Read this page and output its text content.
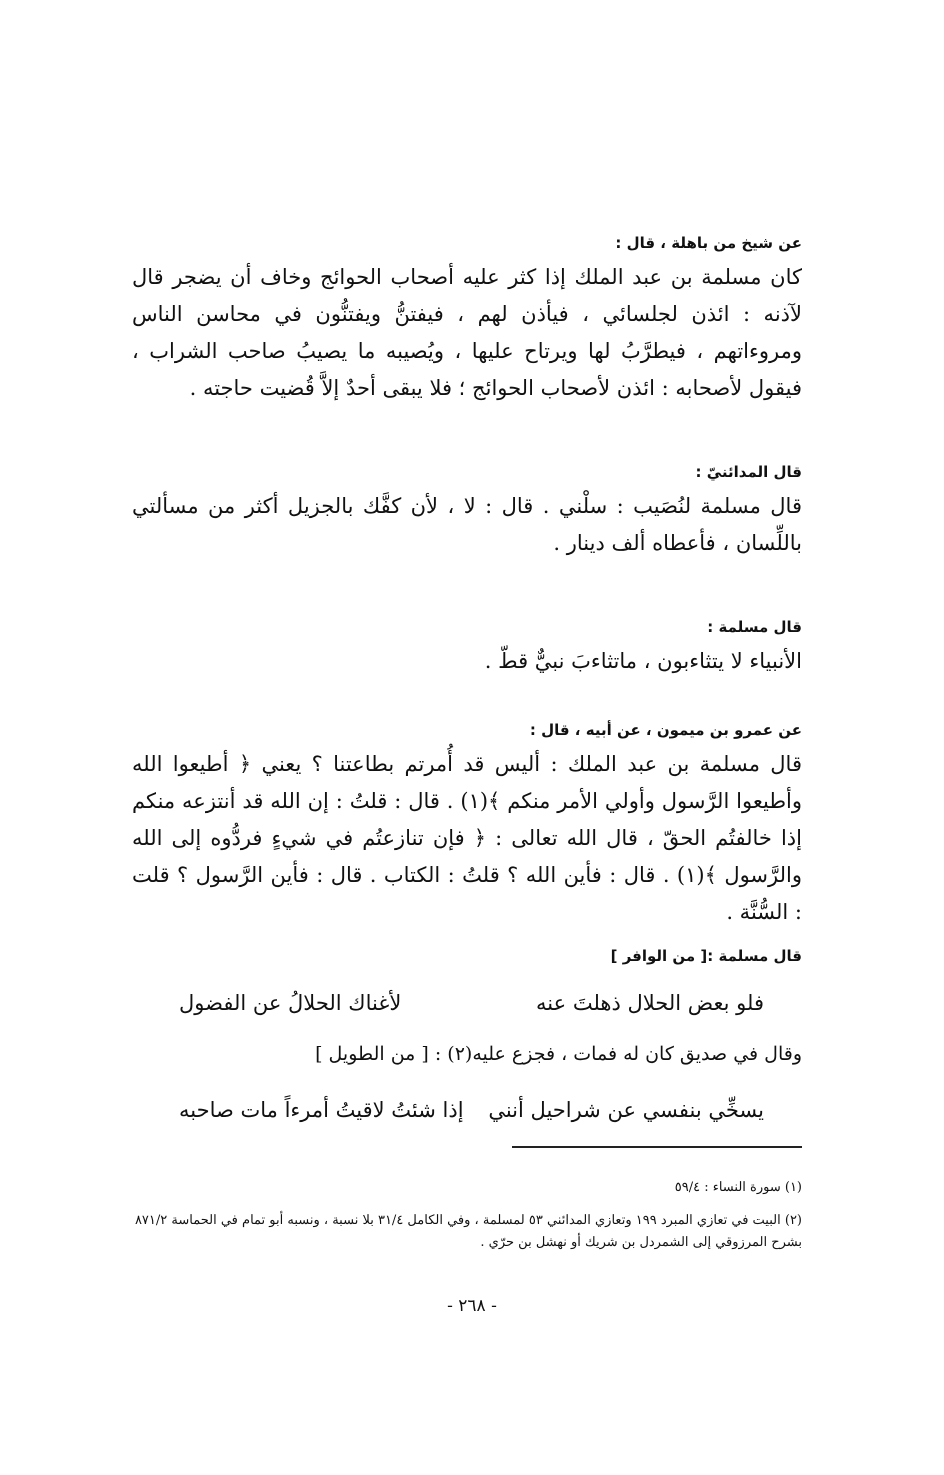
عن شيخ من باهلة ، قال :

كان مسلمة بن عبد الملك إذا كثر عليه أصحاب الحوائج وخاف أن يضجر قال لآذنه : ائذن لجلسائي ، فيأذن لهم ، فيفتنُّ ويفتنُّون في محاسن الناس ومروءاتهم ، فيطرَّبُ لها ويرتاح عليها ، ويُصيبه ما يصيبُ صاحب الشراب ، فيقول لأصحابه : ائذن لأصحاب الحوائج ؛ فلا يبقى أحدٌ إلاَّ قُضيت حاجته .

قال المدائنيّ :

قال مسلمة لنُصَيب : سلْني . قال : لا ، لأن كفَّك بالجزيل أكثر من مسألتي باللِّسان ، فأعطاه ألف دينار .

قال مسلمة :

الأنبياء لا يتثاءبون ، ماتثاءبَ نبيٌّ قطّ .

عن عمرو بن ميمون ، عن أبيه ، قال :

قال مسلمة بن عبد الملك : أليس قد أُمرتم بطاعتنا ؟ يعني ﴿ أطيعوا الله وأطيعوا الرَّسول وأولي الأمر منكم ﴾(١) . قال : قلتُ : إن الله قد أنتزعه منكم إذا خالفتُم الحقّ ، قال الله تعالى : ﴿ فإن تنازعتُم في شيءٍ فردُّوه إلى الله والرَّسول ﴾(١) . قال : فأين الله ؟ قلتُ : الكتاب . قال : فأين الرَّسول ؟ قلت : السُّنَّة .

قال مسلمة :[ من الوافر ]

فلو بعض الحلال ذهلتَ عنه
لأغناك الحلالُ عن الفضول
وقال في صديق كان له فمات ، فجزع عليه(٢) : [ من الطويل ]
يسخِّي بنفسي عن شراحيل أنني
إذا شئتُ لاقيتُ أمرءاً مات صاحبه
(١) سورة النساء : ٥٩/٤
(٢) البيت في تعازي المبرد ١٩٩ وتعازي المدائني ٥٣ لمسلمة ، وفي الكامل ٣١/٤ بلا نسبة ، ونسبه أبو تمام في الحماسة ٨٧١/٢ بشرح المرزوقي إلى الشمردل بن شريك أو نهشل بن حرّي .
- ٢٦٨ -
